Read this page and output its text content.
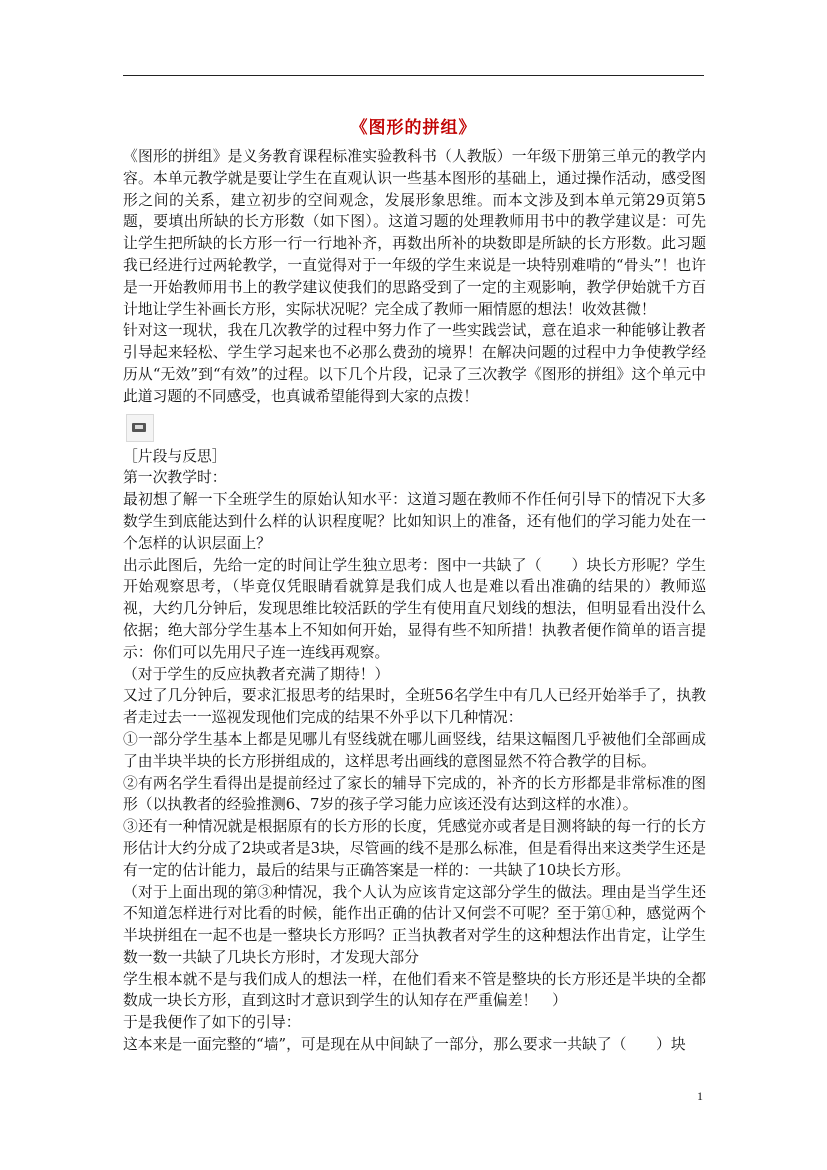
《图形的拼组》

《图形的拼组》是义务教育课程标准实验教科书（人教版）一年级下册第三单元的教学内容。本单元教学就是要让学生在直观认识一些基本图形的基础上，通过操作活动，感受图形之间的关系，建立初步的空间观念，发展形象思维。而本文涉及到本单元第29页第5题，要填出所缺的长方形数（如下图）。这道习题的处理教师用书中的教学建议是：可先让学生把所缺的长方形一行一行地补齐，再数出所补的块数即是所缺的长方形数。此习题我已经进行过两轮教学，一直觉得对于一年级的学生来说是一块特别难啃的“骨头”！也许是一开始教师用书上的教学建议使我们的思路受到了一定的主观影响，教学伊始就千方百计地让学生补画长方形，实际状况呢？完全成了教师一厢情愿的想法！收效甚微！

针对这一现状，我在几次教学的过程中努力作了一些实践尝试，意在追求一种能够让教者引导起来轻松、学生学习起来也不必那么费劲的境界！在解决问题的过程中力争使教学经历从“无效”到“有效”的过程。以下几个片段，记录了三次教学《图形的拼组》这个单元中此道习题的不同感受，也真诚希望能得到大家的点拨！

［片段与反思］

第一次教学时：

最初想了解一下全班学生的原始认知水平：这道习题在教师不作任何引导下的情况下大多数学生到底能达到什么样的认识程度呢？比如知识上的准备，还有他们的学习能力处在一个怎样的认识层面上？

出示此图后，先给一定的时间让学生独立思考：图中一共缺了（　　）块长方形呢？学生开始观察思考，（毕竟仅凭眼睛看就算是我们成人也是难以看出准确的结果的）教师巡视，大约几分钟后，发现思维比较活跃的学生有使用直尺划线的想法，但明显看出没什么依据；绝大部分学生基本上不知如何开始，显得有些不知所措！执教者便作简单的语言提示：你们可以先用尺子连一连线再观察。

（对于学生的反应执教者充满了期待！）

又过了几分钟后，要求汇报思考的结果时，全班56名学生中有几人已经开始举手了，执教者走过去一一巡视发现他们完成的结果不外乎以下几种情况：

①一部分学生基本上都是见哪儿有竖线就在哪儿画竖线，结果这幅图几乎被他们全部画成了由半块半块的长方形拼组成的，这样思考出画线的意图显然不符合教学的目标。

②有两名学生看得出是提前经过了家长的辅导下完成的，补齐的长方形都是非常标准的图形（以执教者的经验推测6、7岁的孩子学习能力应该还没有达到这样的水准）。

③还有一种情况就是根据原有的长方形的长度，凭感觉亦或者是目测将缺的每一行的长方形估计大约分成了2块或者是3块，尽管画的线不是那么标准，但是看得出来这类学生还是有一定的估计能力，最后的结果与正确答案是一样的：一共缺了10块长方形。

（对于上面出现的第③种情况，我个人认为应该肯定这部分学生的做法。理由是当学生还不知道怎样进行对比看的时候，能作出正确的估计又何尝不可呢？至于第①种，感觉两个半块拼组在一起不也是一整块长方形吗？正当执教者对学生的这种想法作出肯定，让学生数一数一共缺了几块长方形时，才发现大部分

学生根本就不是与我们成人的想法一样，在他们看来不管是整块的长方形还是半块的全都数成一块长方形，直到这时才意识到学生的认知存在严重偏差！　）

于是我便作了如下的引导：

这本来是一面完整的“墙”，可是现在从中间缺了一部分，那么要求一共缺了（　　）块

1
